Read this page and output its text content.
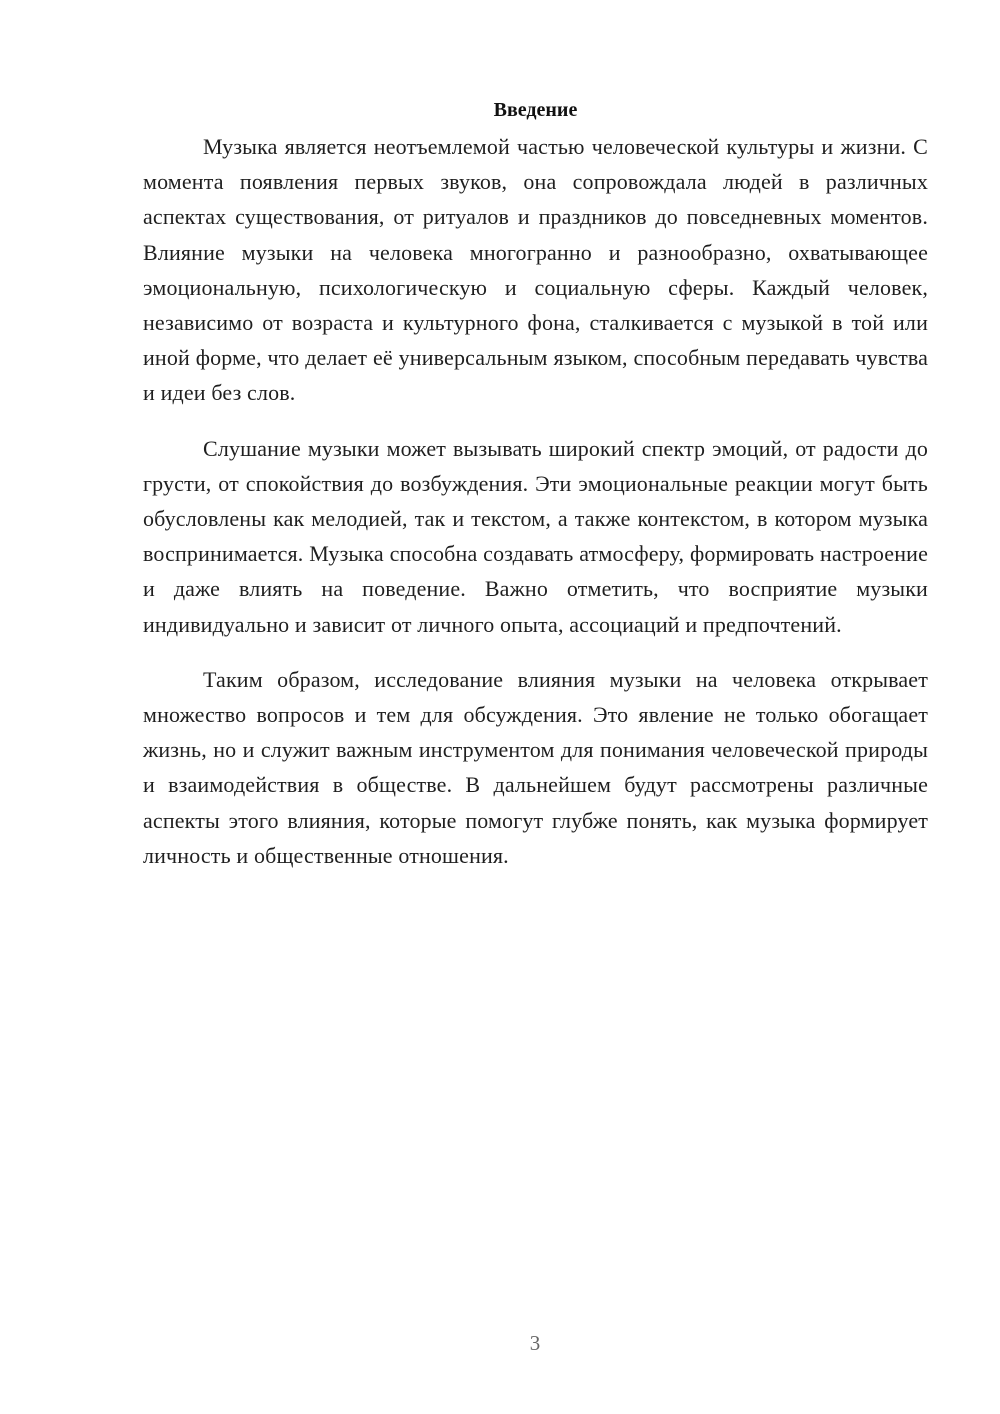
Введение

Музыка является неотъемлемой частью человеческой культуры и жизни. С момента появления первых звуков, она сопровождала людей в различных аспектах существования, от ритуалов и праздников до повседневных моментов. Влияние музыки на человека многогранно и разнообразно, охватывающее эмоциональную, психологическую и социальную сферы. Каждый человек, независимо от возраста и культурного фона, сталкивается с музыкой в той или иной форме, что делает её универсальным языком, способным передавать чувства и идеи без слов.

Слушание музыки может вызывать широкий спектр эмоций, от радости до грусти, от спокойствия до возбуждения. Эти эмоциональные реакции могут быть обусловлены как мелодией, так и текстом, а также контекстом, в котором музыка воспринимается. Музыка способна создавать атмосферу, формировать настроение и даже влиять на поведение. Важно отметить, что восприятие музыки индивидуально и зависит от личного опыта, ассоциаций и предпочтений.

Таким образом, исследование влияния музыки на человека открывает множество вопросов и тем для обсуждения. Это явление не только обогащает жизнь, но и служит важным инструментом для понимания человеческой природы и взаимодействия в обществе. В дальнейшем будут рассмотрены различные аспекты этого влияния, которые помогут глубже понять, как музыка формирует личность и общественные отношения.

3
